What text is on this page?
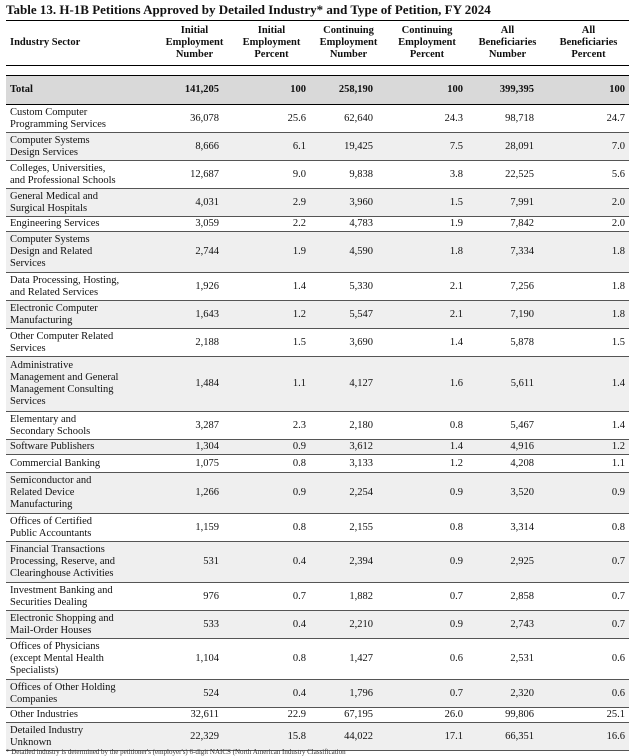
Table 13. H-1B Petitions Approved by Detailed Industry* and Type of Petition, FY 2024
Industry Sector	Initial
Employment
Number	Initial
Employment
Percent	Continuing
Employment
Number	Continuing
Employment
Percent	All
Beneficiaries
Number	All
Beneficiaries
Percent

Total	141,205	100	258,190	100	399,395	100
Custom Computer
Programming Services	36,078	25.6	62,640	24.3	98,718	24.7
Computer Systems
Design Services	8,666	6.1	19,425	7.5	28,091	7.0
Colleges, Universities,
and Professional Schools	12,687	9.0	9,838	3.8	22,525	5.6
General Medical and
Surgical Hospitals	4,031	2.9	3,960	1.5	7,991	2.0
Engineering Services	3,059	2.2	4,783	1.9	7,842	2.0
Computer Systems
Design and Related
Services	2,744	1.9	4,590	1.8	7,334	1.8
Data Processing, Hosting,
and Related Services	1,926	1.4	5,330	2.1	7,256	1.8
Electronic Computer
Manufacturing	1,643	1.2	5,547	2.1	7,190	1.8
Other Computer Related
Services	2,188	1.5	3,690	1.4	5,878	1.5
Administrative
Management and General
Management Consulting
Services	1,484	1.1	4,127	1.6	5,611	1.4
Elementary and
Secondary Schools	3,287	2.3	2,180	0.8	5,467	1.4
Software Publishers	1,304	0.9	3,612	1.4	4,916	1.2
Commercial Banking	1,075	0.8	3,133	1.2	4,208	1.1
Semiconductor and
Related Device
Manufacturing	1,266	0.9	2,254	0.9	3,520	0.9
Offices of Certified
Public Accountants	1,159	0.8	2,155	0.8	3,314	0.8
Financial Transactions
Processing, Reserve, and
Clearinghouse Activities	531	0.4	2,394	0.9	2,925	0.7
Investment Banking and
Securities Dealing	976	0.7	1,882	0.7	2,858	0.7
Electronic Shopping and
Mail-Order Houses	533	0.4	2,210	0.9	2,743	0.7
Offices of Physicians
(except Mental Health
Specialists)	1,104	0.8	1,427	0.6	2,531	0.6
Offices of Other Holding
Companies	524	0.4	1,796	0.7	2,320	0.6
Other Industries	32,611	22.9	67,195	26.0	99,806	25.1
Detailed Industry
Unknown	22,329	15.8	44,022	17.1	66,351	16.6
* Detailed industry is determined by the petitioner's (employer's) 6-digit NAICS (North American Industry Classification
